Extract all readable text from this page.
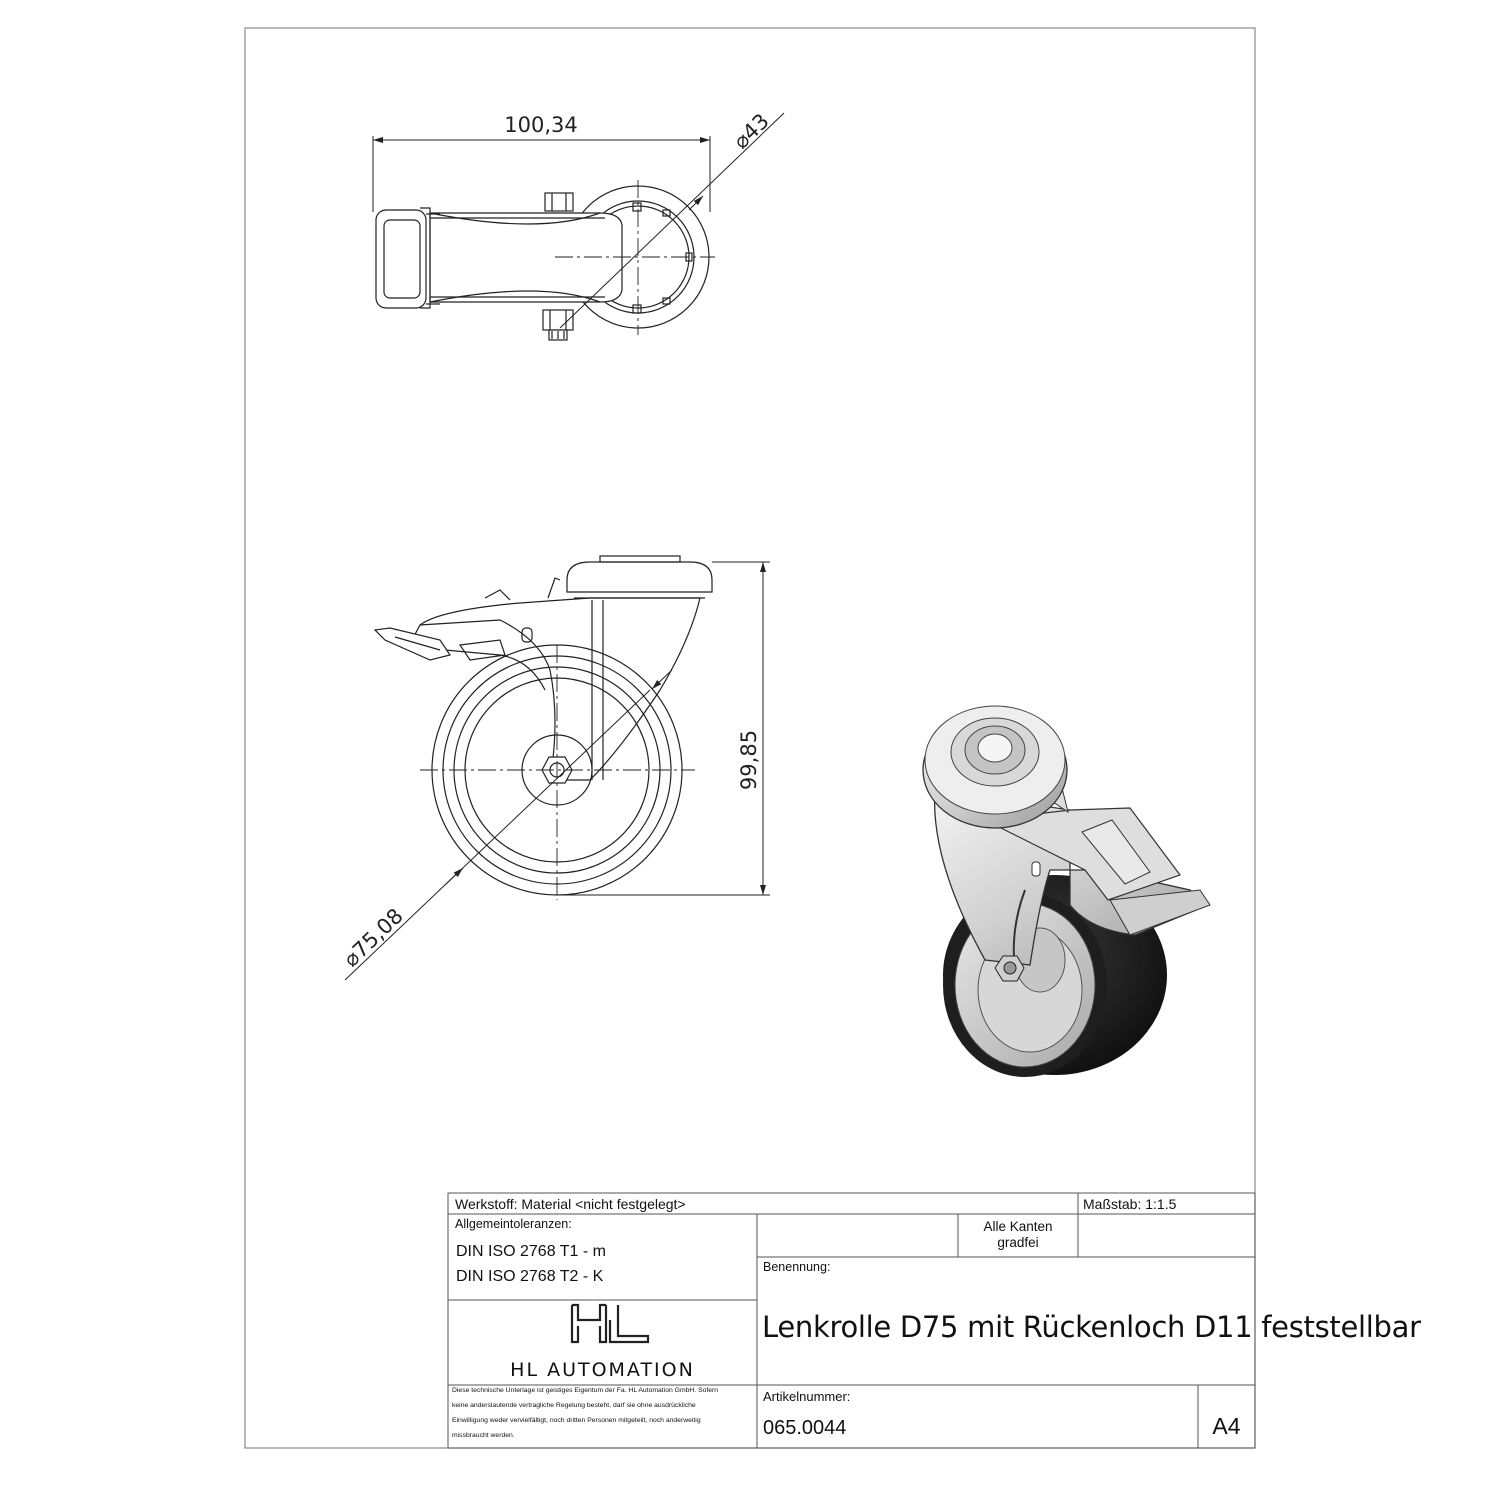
100,34	⌀43
99,85
⌀75,08
Werkstoff: Material <nicht festgelegt>	Maßstab: 1:1.5
Allgemeintoleranzen:
DIN ISO 2768 T1 - m
DIN ISO 2768 T2 - K
Alle Kanten
gradfei
Benennung:
Lenkrolle D75 mit Rückenloch D11 feststellbar
HL AUTOMATION
Diese technische Unterlage ist geistiges Eigentum der Fa. HL Automation GmbH. Sofern
keine anderslautende vertragliche Regelung besteht, darf sie ohne ausdrückliche
Einwilligung weder vervielfältigt, noch dritten Personen mitgeteilt, noch anderweitig
missbraucht werden.
Artikelnummer:
065.0044	A4
